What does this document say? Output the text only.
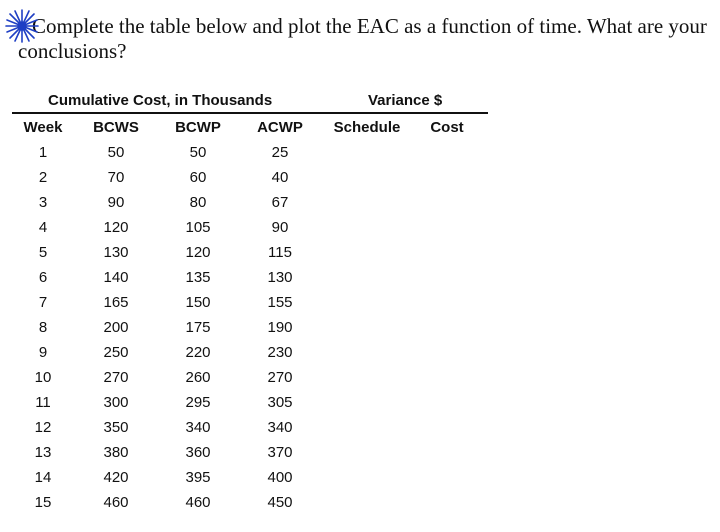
Complete the table below and plot the EAC as a function of time. What are your
conclusions?
Cumulative Cost, in Thousands	Variance $
Week	BCWS	BCWP	ACWP	Schedule	Cost
1	50	50	25		
2	70	60	40		
3	90	80	67		
4	120	105	90		
5	130	120	115		
6	140	135	130		
7	165	150	155		
8	200	175	190		
9	250	220	230		
10	270	260	270		
11	300	295	305		
12	350	340	340		
13	380	360	370		
14	420	395	400		
15	460	460	450		
